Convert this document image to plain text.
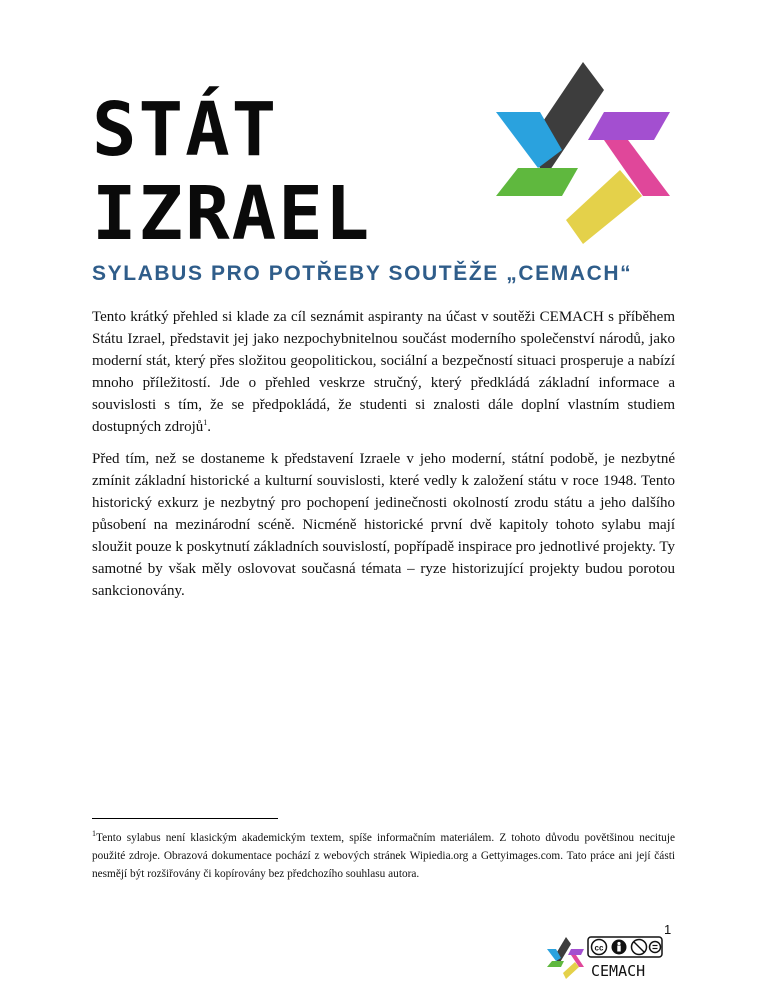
STÁT
IZRAEL
SYLABUS PRO POTŘEBY SOUTĚŽE „CEMACH“

Tento krátký přehled si klade za cíl seznámit aspiranty na účast v soutěži CEMACH s příběhem Státu Izrael, představit jej jako nezpochybnitelnou součást moderního společenství národů, jako moderní stát, který přes složitou geopolitickou, sociální a bezpečností situaci prosperuje a nabízí mnoho příležitostí. Jde o přehled veskrze stručný, který předkládá základní informace a souvislosti s tím, že se předpokládá, že studenti si znalosti dále doplní vlastním studiem dostupných zdrojů$^1$.

Před tím, než se dostaneme k představení Izraele v jeho moderní, státní podobě, je nezbytné zmínit základní historické a kulturní souvislosti, které vedly k založení státu v roce 1948. Tento historický exkurz je nezbytný pro pochopení jedinečnosti okolností zrodu státu a jeho dalšího působení na mezinárodní scéně. Nicméně historické první dvě kapitoly tohoto sylabu mají sloužit pouze k poskytnutí základních souvislostí, popřípadě inspirace pro jednotlivé projekty. Ty samotné by však měly oslovovat současná témata – ryze historizující projekty budou porotou sankcionovány.

$^1$Tento sylabus není klasickým akademickým textem, spíše informačním materiálem. Z tohoto důvodu povětšinou necituje použité zdroje. Obrazová dokumentace pochází z webových stránek Wipiedia.org a Gettyimages.com. Tato práce ani její části nesmějí být rozšiřovány či kopírovány bez předchozího souhlasu autora.

1
cc
CEMACH
